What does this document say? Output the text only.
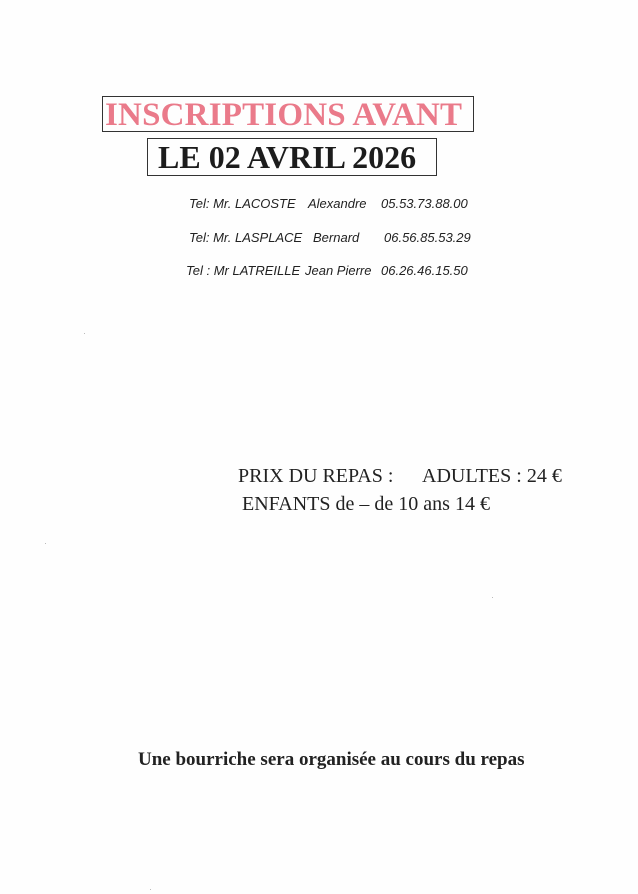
INSCRIPTIONS AVANT
LE 02 AVRIL 2026
Tel: Mr. LACOSTE Alexandre 05.53.73.88.00
Tel: Mr. LASPLACE Bernard 06.56.85.53.29
Tel : Mr LATREILLE Jean Pierre 06.26.46.15.50
PRIX DU REPAS : ADULTES : 24 €
ENFANTS de – de 10 ans 14 €
Une bourriche sera organisée au cours du repas
